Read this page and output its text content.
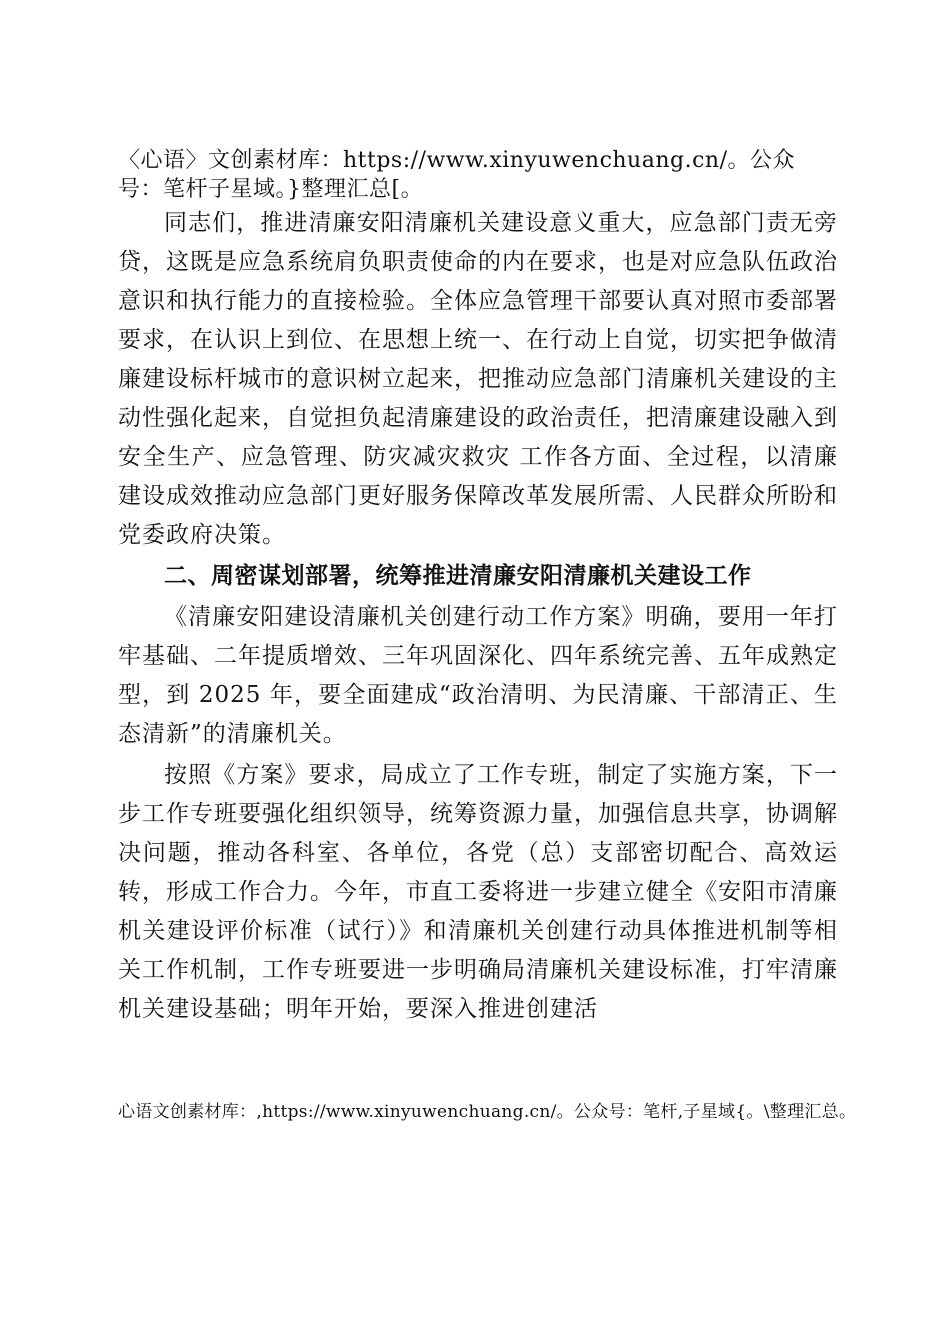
〈心语〉文创素材库：https://www.xinyuwenchuang.cn/。公众号：笔杆子星域。}整理汇总[。

同志们，推进清廉安阳清廉机关建设意义重大，应急部门责无旁贷，这既是应急系统肩负职责使命的内在要求，也是对应急队伍政治意识和执行能力的直接检验。全体应急管理干部要认真对照市委部署要求，在认识上到位、在思想上统一、在行动上自觉，切实把争做清廉建设标杆城市的意识树立起来，把推动应急部门清廉机关建设的主动性强化起来，自觉担负起清廉建设的政治责任，把清廉建设融入到安全生产、应急管理、防灾减灾救灾 工作各方面、全过程，以清廉建设成效推动应急部门更好服务保障改革发展所需、人民群众所盼和党委政府决策。

二、周密谋划部署，统筹推进清廉安阳清廉机关建设工作

《清廉安阳建设清廉机关创建行动工作方案》明确，要用一年打牢基础、二年提质增效、三年巩固深化、四年系统完善、五年成熟定型，到 2025 年，要全面建成“政治清明、为民清廉、干部清正、生态清新”的清廉机关。

按照《方案》要求，局成立了工作专班，制定了实施方案，下一步工作专班要强化组织领导，统筹资源力量，加强信息共享，协调解决问题，推动各科室、各单位，各党（总）支部密切配合、高效运转，形成工作合力。今年，市直工委将进一步建立健全《安阳市清廉机关建设评价标准（试行）》和清廉机关创建行动具体推进机制等相关工作机制，工作专班要进一步明确局清廉机关建设标准，打牢清廉机关建设基础；明年开始，要深入推进创建活

心语文创素材库：,https://www.xinyuwenchuang.cn/。公众号：笔杆,子星域{。\整理汇总。
